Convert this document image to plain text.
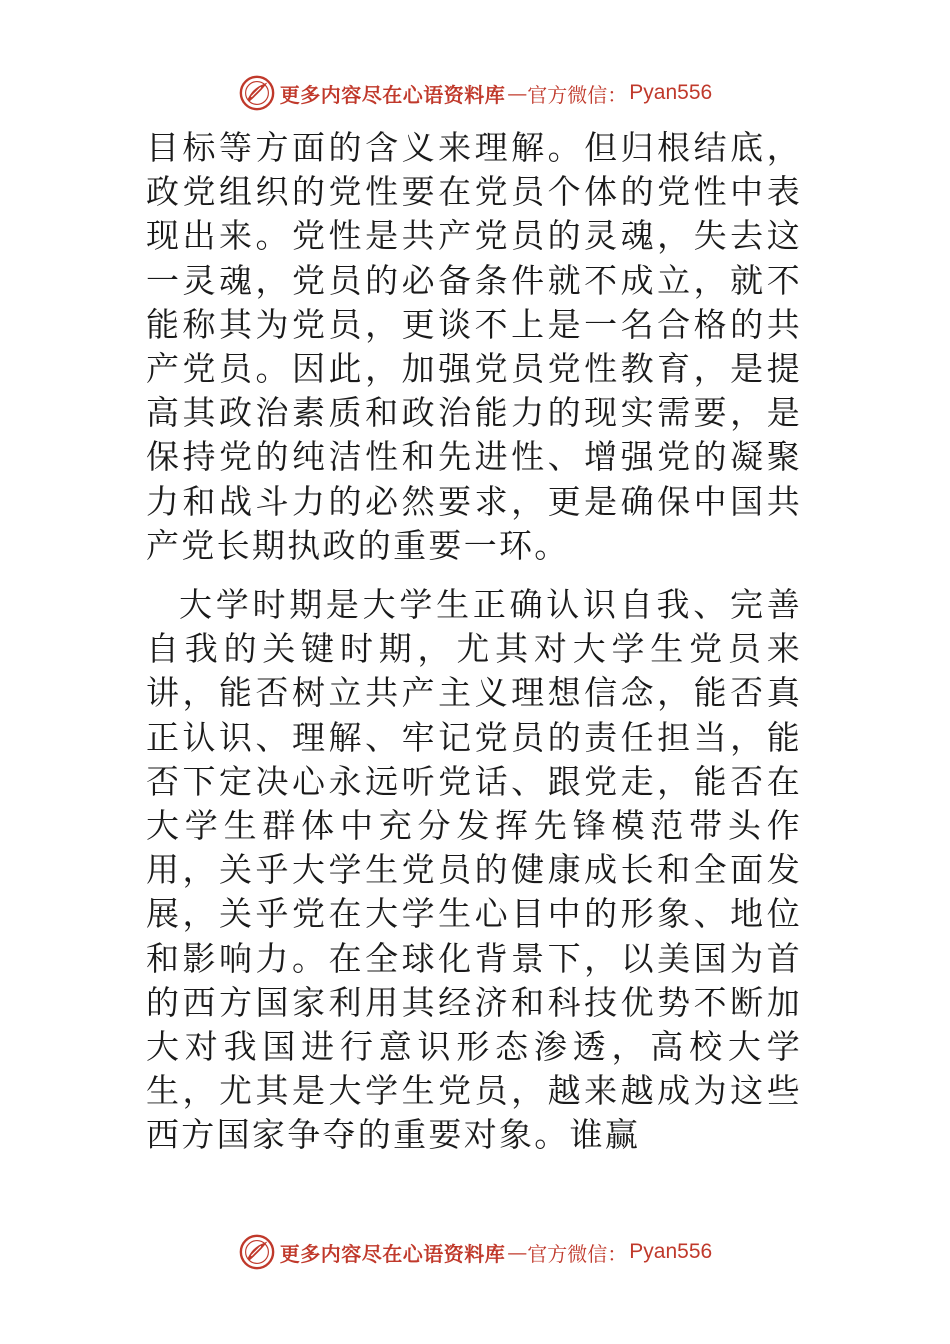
更多内容尽在心语资料库 — 官方微信： Pyan556

目标等方面的含义来理解。但归根结底，政党组织的党性要在党员个体的党性中表现出来。党性是共产党员的灵魂，失去这一灵魂，党员的必备条件就不成立，就不能称其为党员，更谈不上是一名合格的共产党员。因此，加强党员党性教育，是提高其政治素质和政治能力的现实需要，是保持党的纯洁性和先进性、增强党的凝聚力和战斗力的必然要求，更是确保中国共产党长期执政的重要一环。

大学时期是大学生正确认识自我、完善自我的关键时期，尤其对大学生党员来讲，能否树立共产主义理想信念，能否真正认识、理解、牢记党员的责任担当，能否下定决心永远听党话、跟党走，能否在大学生群体中充分发挥先锋模范带头作用，关乎大学生党员的健康成长和全面发展，关乎党在大学生心目中的形象、地位和影响力。在全球化背景下，以美国为首的西方国家利用其经济和科技优势不断加大对我国进行意识形态渗透，高校大学生，尤其是大学生党员，越来越成为这些西方国家争夺的重要对象。谁赢

更多内容尽在心语资料库 — 官方微信： Pyan556
